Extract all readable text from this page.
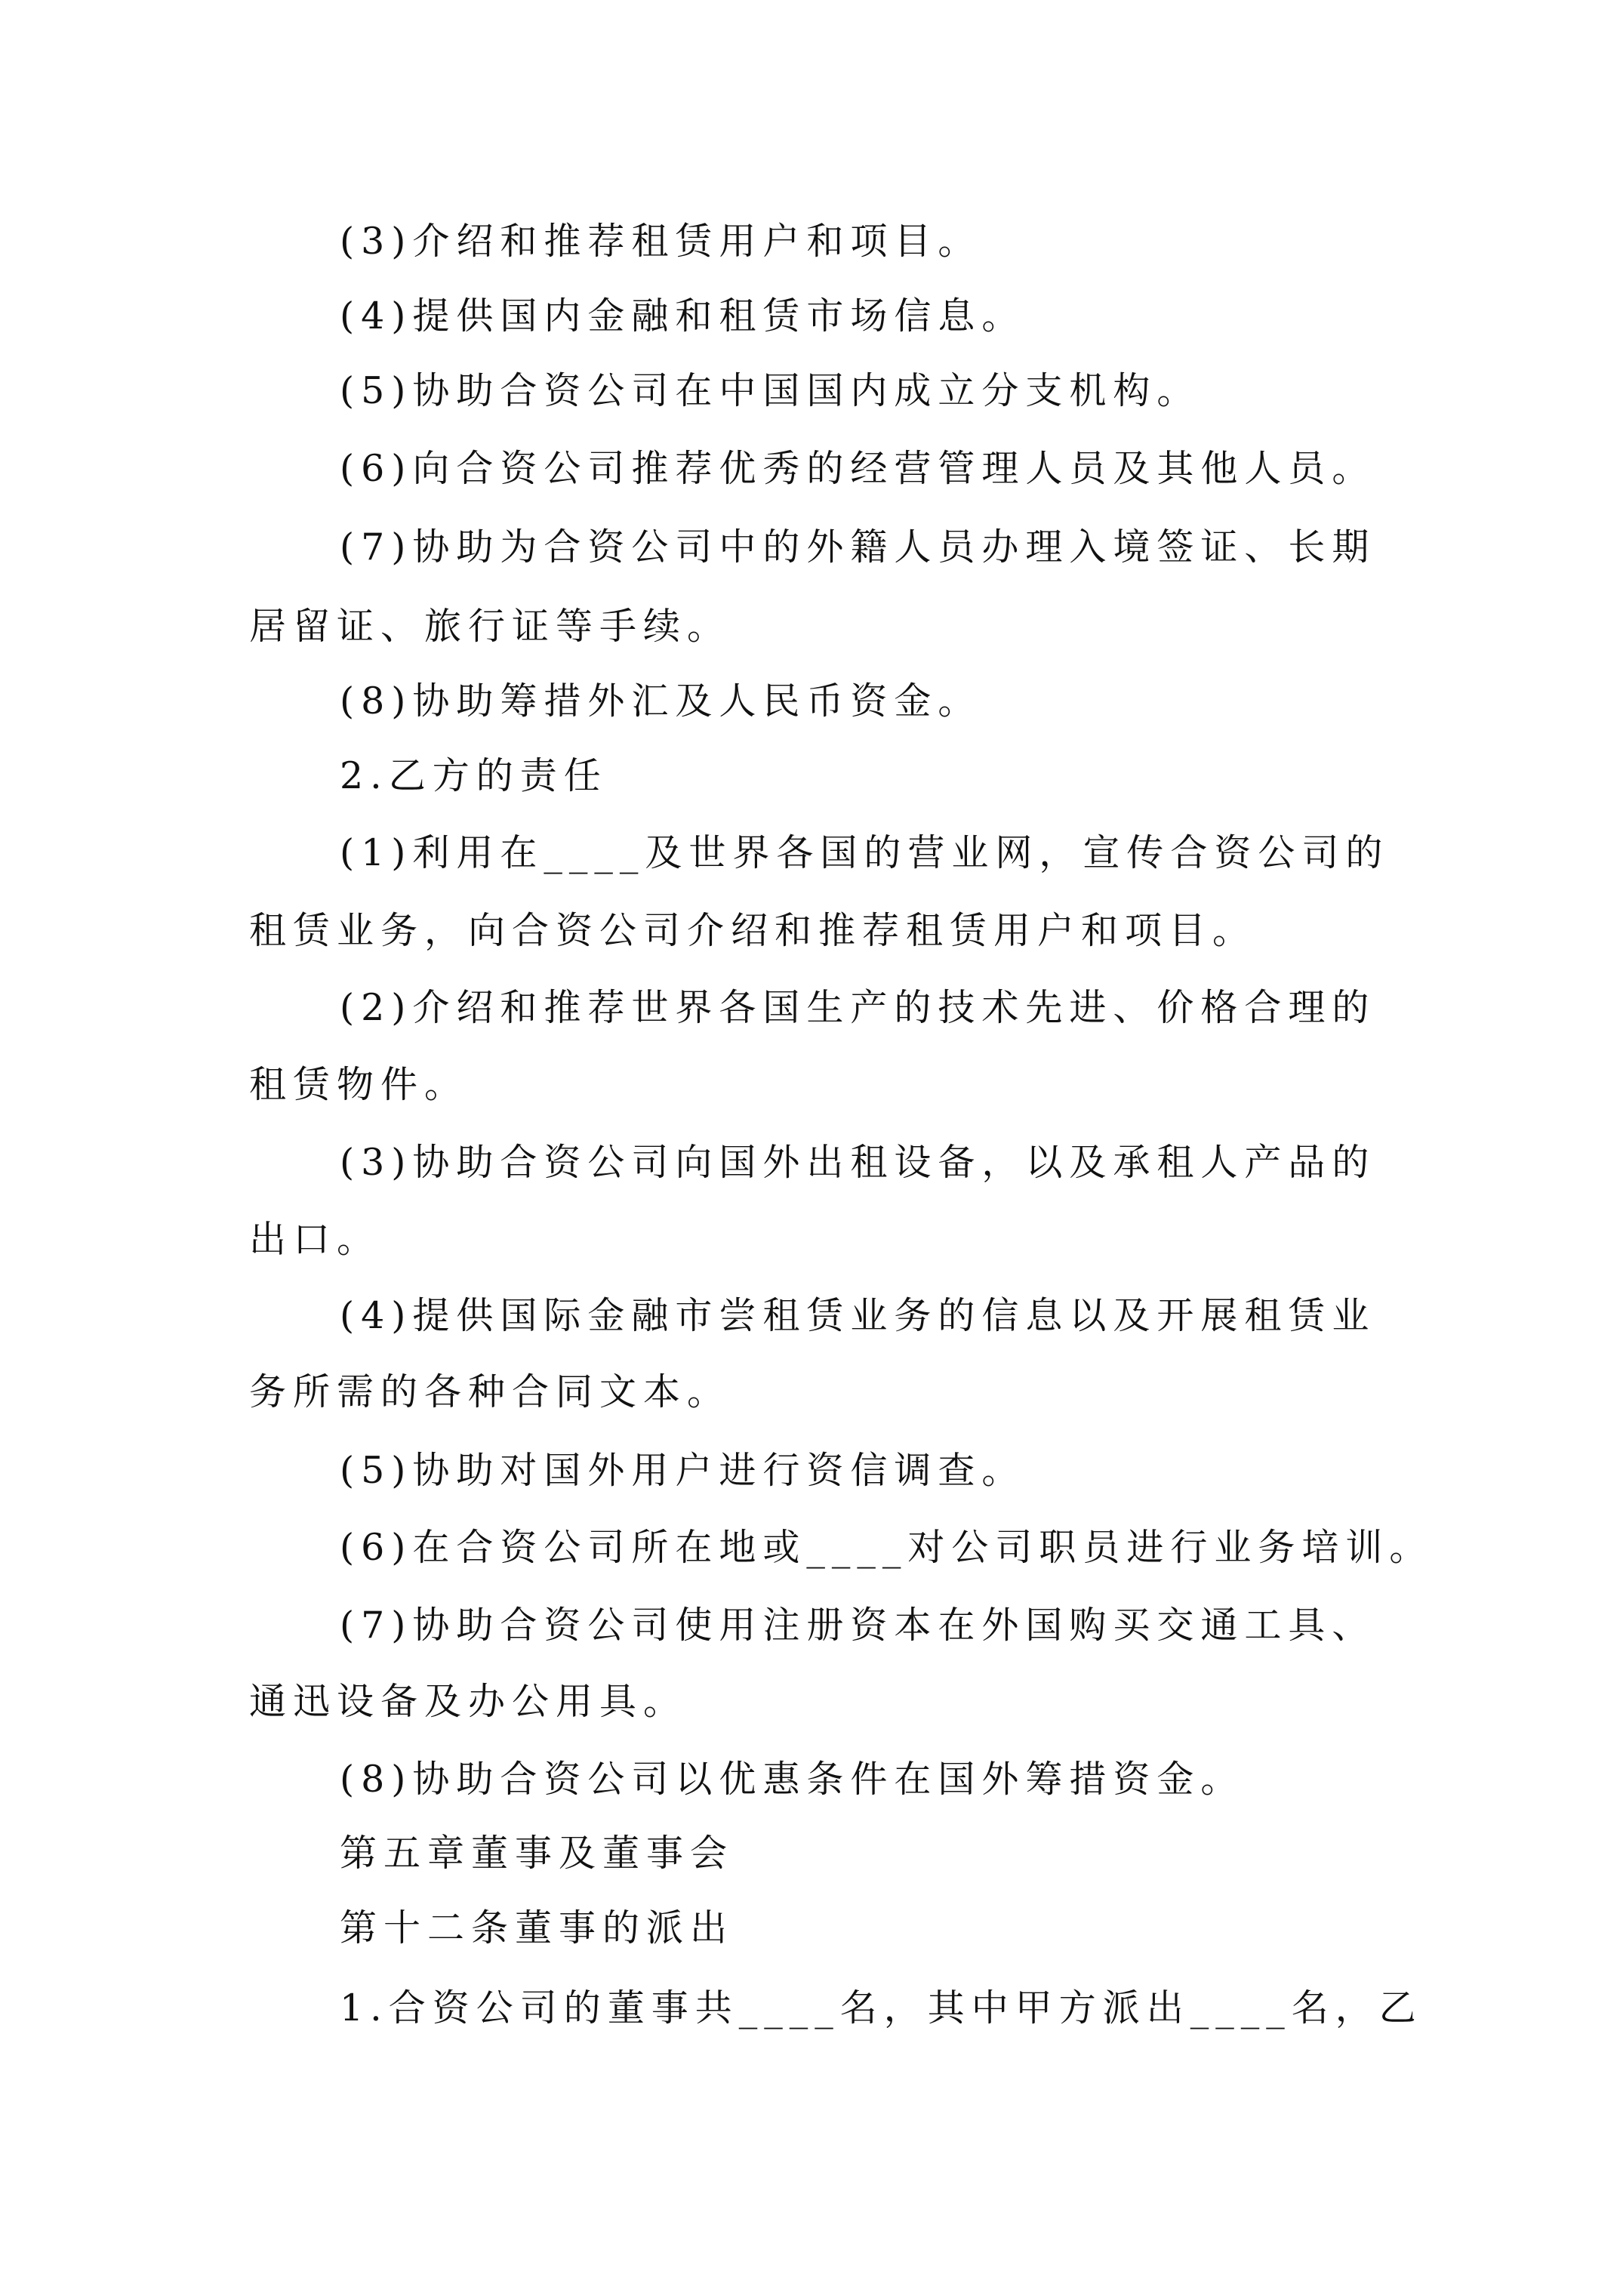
(3)介绍和推荐租赁用户和项目。
(4)提供国内金融和租赁市场信息。
(5)协助合资公司在中国国内成立分支机构。
(6)向合资公司推荐优秀的经营管理人员及其他人员。
(7)协助为合资公司中的外籍人员办理入境签证、长期
居留证、旅行证等手续。
(8)协助筹措外汇及人民币资金。
2.乙方的责任
(1)利用在____及世界各国的营业网，宣传合资公司的
租赁业务，向合资公司介绍和推荐租赁用户和项目。
(2)介绍和推荐世界各国生产的技术先进、价格合理的
租赁物件。
(3)协助合资公司向国外出租设备，以及承租人产品的
出口。
(4)提供国际金融市尝租赁业务的信息以及开展租赁业
务所需的各种合同文本。
(5)协助对国外用户进行资信调查。
(6)在合资公司所在地或____对公司职员进行业务培训。
(7)协助合资公司使用注册资本在外国购买交通工具、
通迅设备及办公用具。
(8)协助合资公司以优惠条件在国外筹措资金。
第五章董事及董事会
第十二条董事的派出
1.合资公司的董事共____名，其中甲方派出____名，乙
